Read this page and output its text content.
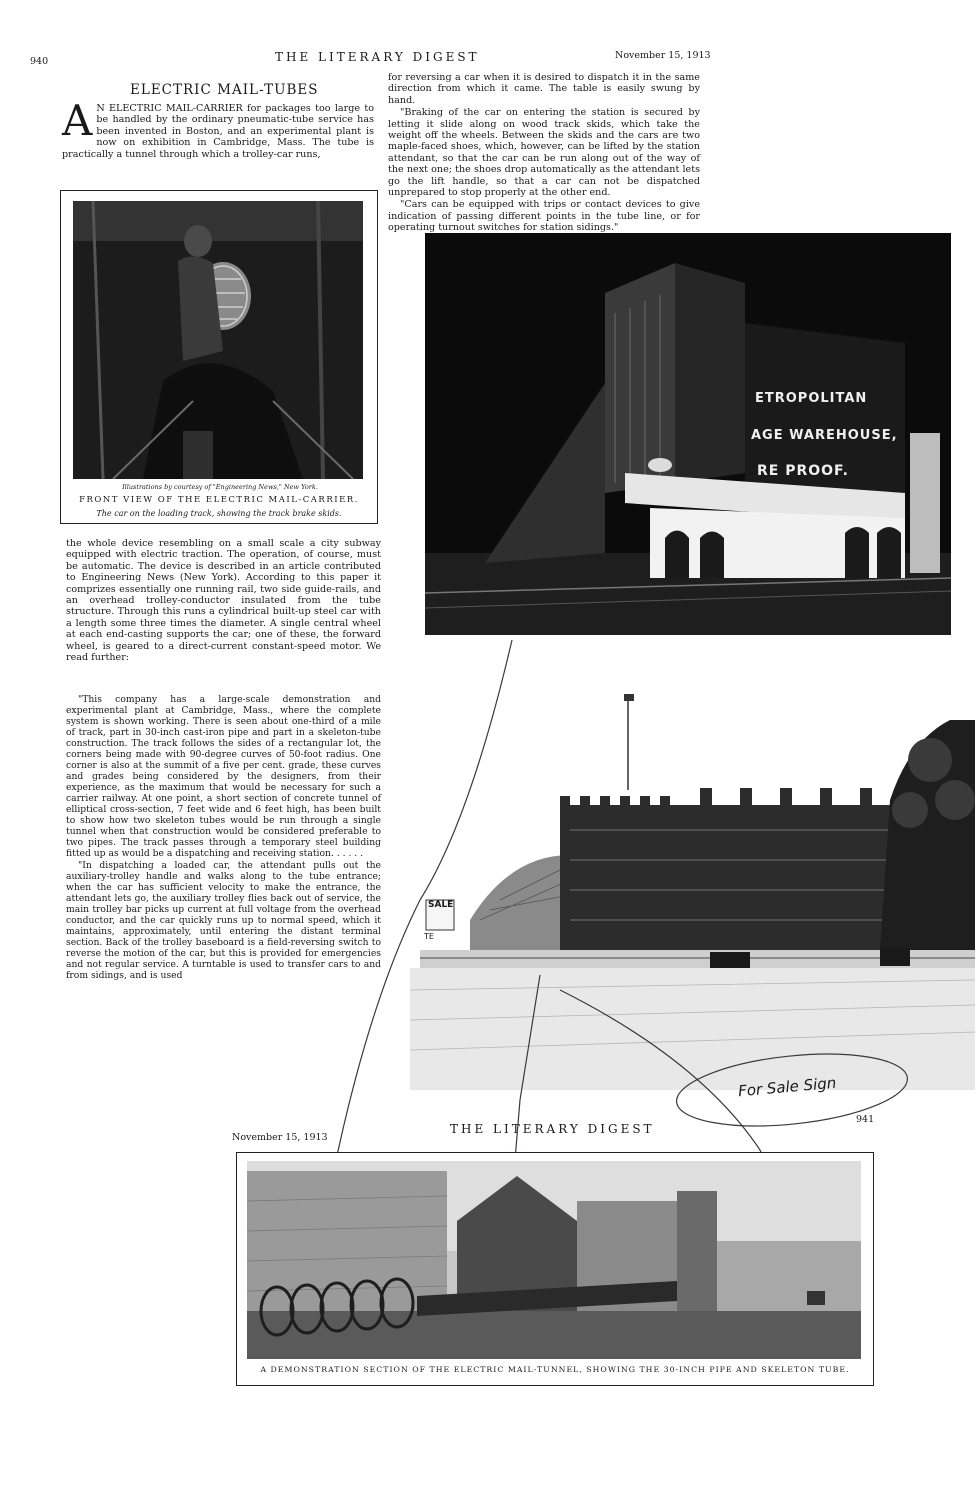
940	THE LITERARY DIGEST	November 15, 1913
ELECTRIC MAIL-TUBES
A N ELECTRIC MAIL-CARRIER for packages too large to be handled by the ordinary pneumatic-tube service has been invented in Boston, and an experimental plant is now on exhibition in Cambridge, Mass. The tube is practically a tunnel through which a trolley-car runs,
Illustrations by courtesy of "Engineering News," New York.
FRONT VIEW OF THE ELECTRIC MAIL-CARRIER.
The car on the loading track, showing the track brake skids.

the whole device resembling on a small scale a city subway equipped with electric traction. The operation, of course, must be automatic. The device is described in an article contributed to Engineering News (New York). According to this paper it comprizes essentially one running rail, two side guide-rails, and an overhead trolley-conductor insulated from the tube structure. Through this runs a cylindrical built-up steel car with a length some three times the diameter. A single central wheel at each end-casting supports the car; one of these, the forward wheel, is geared to a direct-current constant-speed motor. We read further:

"This company has a large-scale demonstration and experimental plant at Cambridge, Mass., where the complete system is shown working. There is seen about one-third of a mile of track, part in 30-inch cast-iron pipe and part in a skeleton-tube construction. The track follows the sides of a rectangular lot, the corners being made with 90-degree curves of 50-foot radius. One corner is also at the summit of a five per cent. grade, these curves and grades being considered by the designers, from their experience, as the maximum that would be necessary for such a carrier railway. At one point, a short section of concrete tunnel of elliptical cross-section, 7 feet wide and 6 feet high, has been built to show how two skeleton tubes would be run through a single tunnel when that construction would be considered preferable to two pipes. The track passes through a temporary steel building fitted up as would be a dispatching and receiving station. . . . . .

"In dispatching a loaded car, the attendant pulls out the auxiliary-trolley handle and walks along to the tube entrance; when the car has sufficient velocity to make the entrance, the attendant lets go, the auxiliary trolley flies back out of service, the main trolley bar picks up current at full voltage from the overhead conductor, and the car quickly runs up to normal speed, which it maintains, approximately, until entering the distant terminal section. Back of the trolley baseboard is a field-reversing switch to reverse the motion of the car, but this is provided for emergencies and not regular service. A turntable is used to transfer cars to and from sidings, and is used

for reversing a car when it is desired to dispatch it in the same direction from which it came. The table is easily swung by hand.

"Braking of the car on entering the station is secured by letting it slide along on wood track skids, which take the weight off the wheels. Between the skids and the cars are two maple-faced shoes, which, however, can be lifted by the station attendant, so that the car can be run along out of the way of the next one; the shoes drop automatically as the attendant lets go the lift handle, so that a car can not be dispatched unprepared to stop properly at the other end.

"Cars can be equipped with trips or contact devices to give indication of passing different points in the tube line, or for operating turnout switches for station sidings."

ETROPOLITAN
AGE WAREHOUSE,
RE PROOF.
SALE
TE
For Sale Sign
November 15, 1913
THE LITERARY DIGEST
941
A DEMONSTRATION SECTION OF THE ELECTRIC MAIL-TUNNEL, SHOWING THE 30-INCH PIPE AND SKELETON TUBE.
